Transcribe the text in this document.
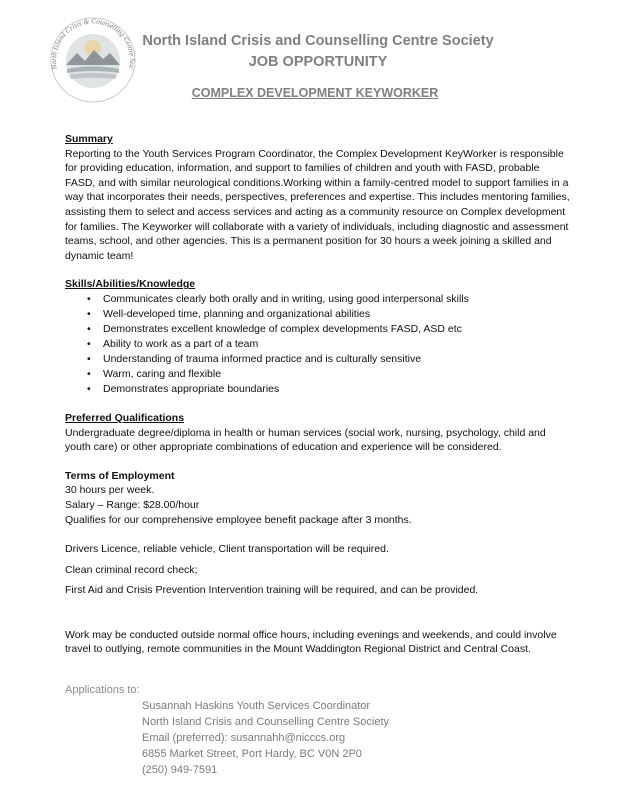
North Island Crisis & Counselling Centre Soc
North Island Crisis and Counselling Centre Society
JOB OPPORTUNITY
COMPLEX DEVELOPMENT KEYWORKER
Summary

Reporting to the Youth Services Program Coordinator, the Complex Development KeyWorker is responsible for providing education, information, and support to families of children and youth with FASD, probable FASD, and with similar neurological conditions.Working within a family-centred model to support families in a way that incorporates their needs, perspectives, preferences and expertise. This includes mentoring families, assisting them to select and access services and acting as a community resource on Complex development for families. The Keyworker will collaborate with a variety of individuals, including diagnostic and assessment teams, school, and other agencies. This is a permanent position for 30 hours a week joining a skilled and dynamic team!

Skills/Abilities/Knowledge
• Communicates clearly both orally and in writing, using good interpersonal skills
• Well-developed time, planning and organizational abilities
• Demonstrates excellent knowledge of complex developments FASD, ASD etc
• Ability to work as a part of a team
• Understanding of trauma informed practice and is culturally sensitive
• Warm, caring and flexible
• Demonstrates appropriate boundaries
Preferred Qualifications

Undergraduate degree/diploma in health or human services (social work, nursing, psychology, child and youth care) or other appropriate combinations of education and experience will be considered.

Terms of Employment

30 hours per week.

Salary – Range: $28.00/hour

Qualifies for our comprehensive employee benefit package after 3 months.

Drivers Licence, reliable vehicle, Client transportation will be required.

Clean criminal record check;

First Aid and Crisis Prevention Intervention training will be required, and can be provided.

Work may be conducted outside normal office hours, including evenings and weekends, and could involve travel to outlying, remote communities in the Mount Waddington Regional District and Central Coast.

Applications to:
Susannah Haskins Youth Services Coordinator
North Island Crisis and Counselling Centre Society
Email (preferred): susannahh@nicccs.org
6855 Market Street, Port Hardy, BC V0N 2P0
(250) 949-7591
